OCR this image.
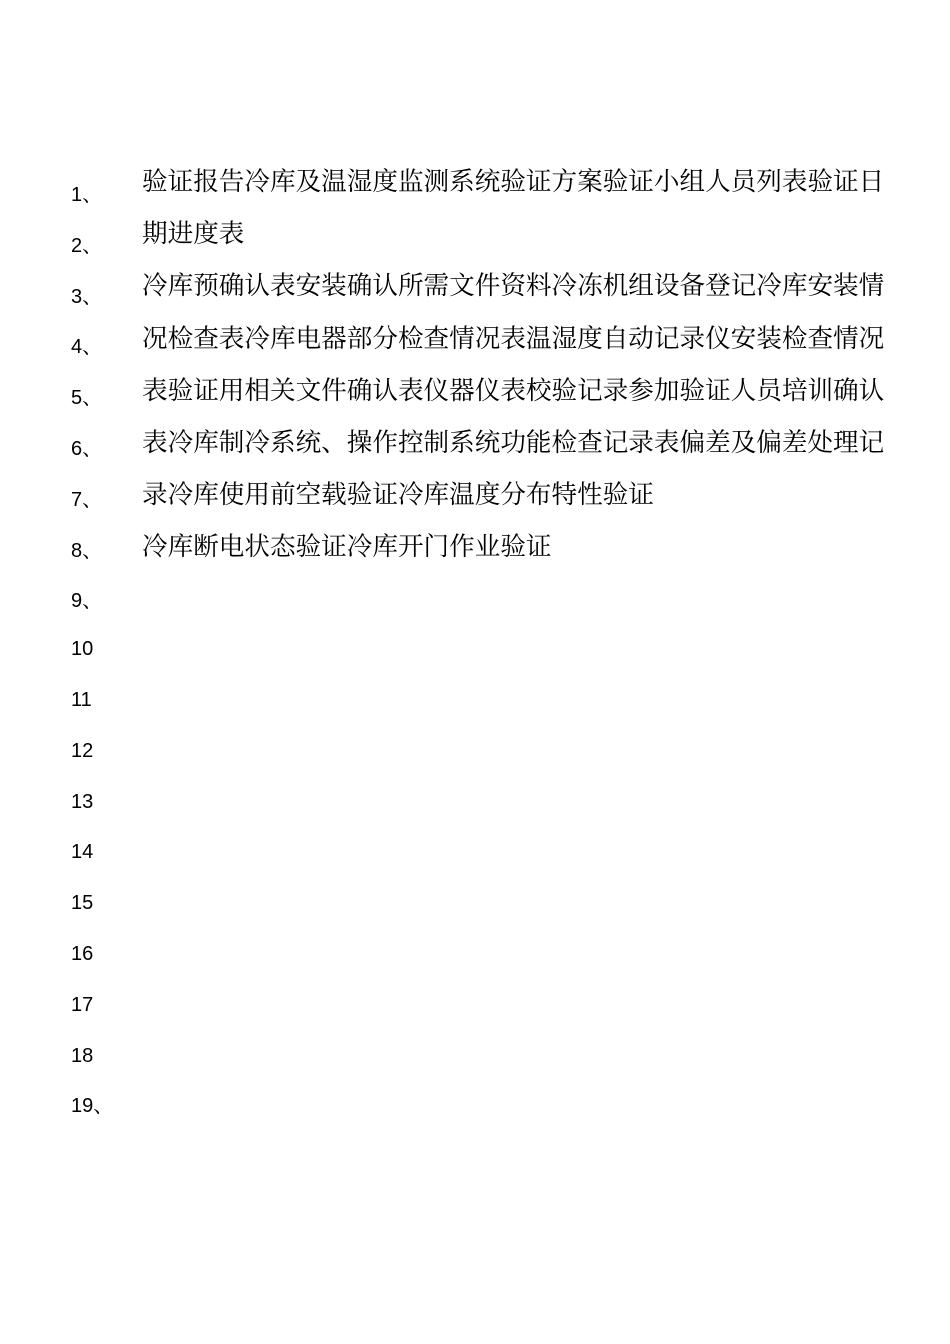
1、
2、
3、
4、
5、
6、
7、
8、
9、
10
11
12
13
14
15
16
17
18
19、
验证报告冷库及温湿度监测系统验证方案验证小组人员列表验证日
期进度表
冷库预确认表安装确认所需文件资料冷冻机组设备登记冷库安装情
况检查表冷库电器部分检查情况表温湿度自动记录仪安装检查情况
表验证用相关文件确认表仪器仪表校验记录参加验证人员培训确认
表冷库制冷系统、操作控制系统功能检查记录表偏差及偏差处理记
录冷库使用前空载验证冷库温度分布特性验证
冷库断电状态验证冷库开门作业验证
